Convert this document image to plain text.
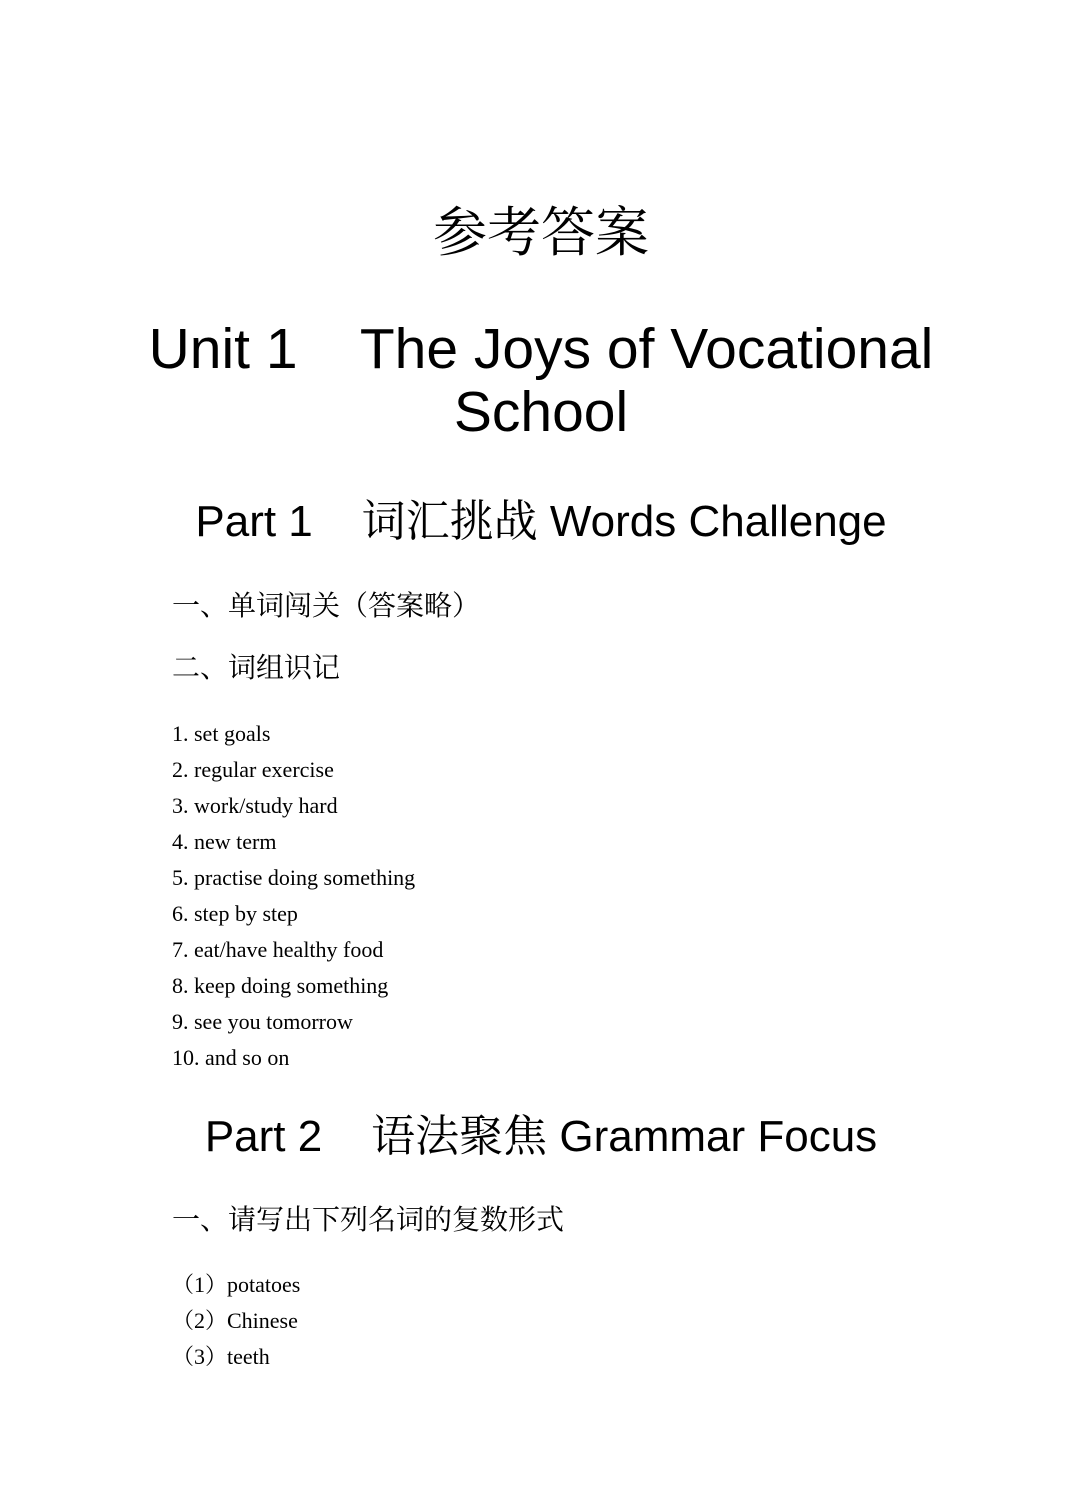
参考答案
Unit 1    The Joys of Vocational School
Part 1    词汇挑战 Words Challenge
一、单词闯关（答案略）
二、词组识记
1. set goals
2. regular exercise
3. work/study hard
4. new term
5. practise doing something
6. step by step
7. eat/have healthy food
8. keep doing something
9. see you tomorrow
10. and so on
Part 2    语法聚焦 Grammar Focus
一、请写出下列名词的复数形式
（1）potatoes
（2）Chinese
（3）teeth
